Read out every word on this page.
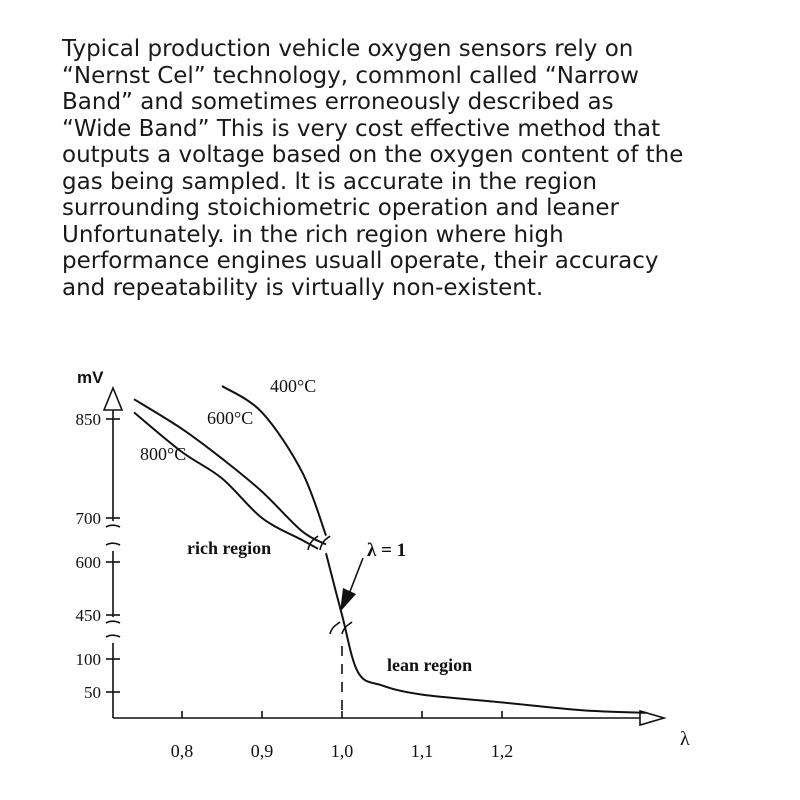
Typical production vehicle oxygen sensors rely on
“Nernst Cel” technology, commonl called “Narrow
Band” and sometimes erroneously described as
“Wide Band” This is very cost effective method that
outputs a voltage based on the oxygen content of the
gas being sampled. lt is accurate in the region
surrounding stoichiometric operation and leaner
Unfortunately. in the rich region where high
performance engines usuall operate, their accuracy
and repeatability is virtually non-existent.
50
100
450
600
700
850
0,8	0,9	1,0	1,1	1,2
mV
λ
400°C
600°C
800°C
rich region
lean region
λ = 1
